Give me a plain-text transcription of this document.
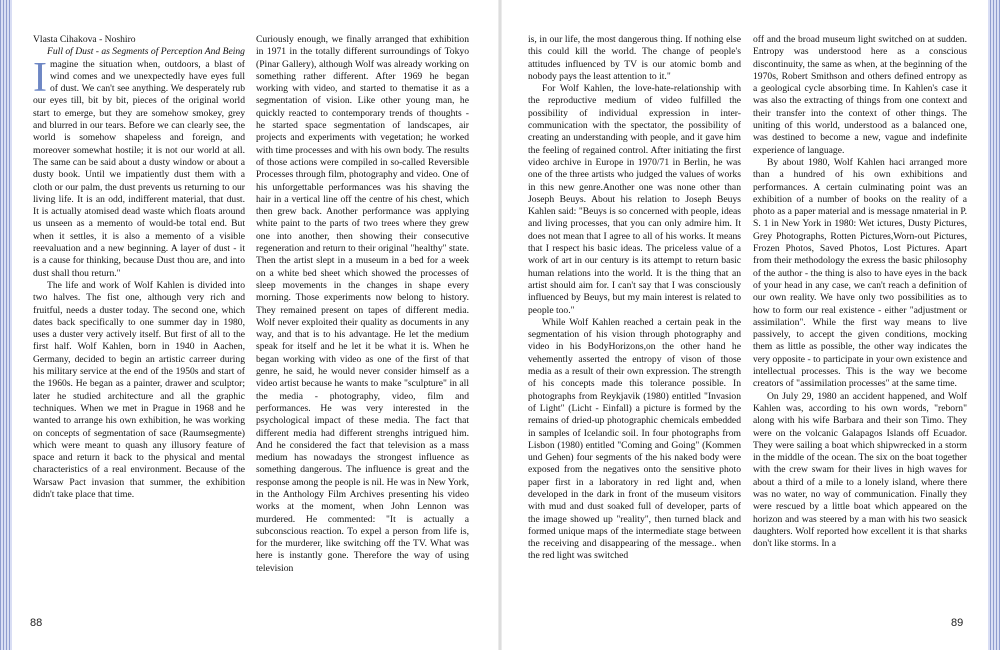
Vlasta Cihakova - Noshiro

Full of Dust - as Segments of Perception And Being

Imagine the situation when, outdoors, a blast of wind comes and we unexpectedly have eyes full of dust. We can't see anything. We desperately rub our eyes till, bit by bit, pieces of the original world start to emerge, but they are somehow smokey, grey and blurred in our tears. Before we can clearly see, the world is somehow shapeless and foreign, and moreover somewhat hostile; it is not our world at all. The same can be said about a dusty window or about a dusty book. Until we impatiently dust them with a cloth or our palm, the dust prevents us returning to our living life. It is an odd, indifferent material, that dust. It is actually atomised dead waste which floats around us unseen as a memento of would-be total end. But when it settles, it is also a memento of a visible reevaluation and a new beginning. A layer of dust - it is a cause for thinking, because Dust thou are, and into dust shall thou return."

The life and work of Wolf Kahlen is divided into two halves. The fist one, although very rich and fruitful, needs a duster today. The second one, which dates back specifically to one summer day in 1980, uses a duster very actively itself. But first of all to the first half. Wolf Kahlen, born in 1940 in Aachen, Germany, decided to begin an artistic carreer during his military service at the end of the 1950s and start of the 1960s. He began as a painter, drawer and sculptor; later he studied architecture and all the graphic techniques. When we met in Prague in 1968 and he wanted to arrange his own exhibition, he was working on concepts of segmentation of sace (Raumsegmente) which were meant to quash any illusory feature of space and return it back to the physical and mental characteristics of a real environment. Because of the Warsaw Pact invasion that summer, the exhibition didn't take place that time.

Curiously enough, we finally arranged that exhibition in 1971 in the totally different surroundings of Tokyo (Pinar Gallery), although Wolf was already working on something rather different. After 1969 he began working with video, and started to thematise it as a segmentation of vision. Like other young man, he quickly reacted to contemporary trends of thoughts - he started space segmentation of landscapes, air projects and experiments with vegetation; he worked with time processes and with his own body. The results of those actions were compiled in so-called Reversible Processes through film, photography and video. One of his unforgettable performances was his shaving the hair in a vertical line off the centre of his chest, which then grew back. Another performance was applying white paint to the parts of two trees where they grew one into another, then showing their consecutive regeneration and return to their original "healthy" state. Then the artist slept in a museum in a bed for a week on a white bed sheet which showed the processes of sleep movements in the changes in shape every morning. Those experiments now belong to history. They remained present on tapes of different media. Wolf never exploited their quality as documents in any way, and that is to his advantage. He let the medium speak for itself and he let it be what it is. When he began working with video as one of the first of that genre, he said, he would never consider himself as a video artist because he wants to make "sculpture" in all the media - photography, video, film and performances. He was very interested in the psychological impact of these media. The fact that different media had different strenghs intrigued him. And he considered the fact that television as a mass medium has nowadays the strongest influence as something dangerous. The influence is great and the response among the people is nil. He was in New York, in the Anthology Film Archives presenting his video works at the moment, when John Lennon was murdered. He commented: "It is actually a subconscious reaction. To expel a person from life is, for the murderer, like switching off the TV. What was here is instantly gone. Therefore the way of using television

is, in our life, the most dangerous thing. If nothing else this could kill the world. The change of people's attitudes influenced by TV is our atomic bomb and nobody pays the least attention to it."

For Wolf Kahlen, the love-hate-relationship with the reproductive medium of video fulfilled the possibility of individual expression in inter-communication with the spectator, the possibility of creating an understanding with people, and it gave him the feeling of regained control. After initiating the first video archive in Europe in 1970/71 in Berlin, he was one of the three artists who judged the values of works in this new genre.Another one was none other than Joseph Beuys. About his relation to Joseph Beuys Kahlen said: "Beuys is so concerned with people, ideas and living processes, that you can only admire him. It does not mean that I agree to all of his works. It means that I respect his basic ideas. The priceless value of a work of art in our century is its attempt to return basic human relations into the world. It is the thing that an artist should aim for. I can't say that I was consciously influenced by Beuys, but my main interest is related to people too."

While Wolf Kahlen reached a certain peak in the segmentation of his vision through photography and video in his BodyHorizons,on the other hand he vehemently asserted the entropy of vison of those media as a result of their own expression. The strength of his concepts made this tolerance possible. In photographs from Reykjavik (1980) entitled "Invasion of Light" (Licht - Einfall) a picture is formed by the remains of dried-up photographic chemicals embedded in samples of Icelandic soil. In four photographs from Lisbon (1980) entitled "Coming and Going" (Kommen und Gehen) four segments of the his naked body were exposed from the negatives onto the sensitive photo paper first in a laboratory in red light and, when developed in the dark in front of the museum visitors with mud and dust soaked full of developer, parts of the image showed up "reality", then turned black and formed unique maps of the intermediate stage between the receiving and disappearing of the message.. when the red light was switched

off and the broad museum light switched on at sudden. Entropy was understood here as a conscious discontinuity, the same as when, at the beginning of the 1970s, Robert Smithson and others defined entropy as a geological cycle absorbing time. In Kahlen's case it was also the extracting of things from one context and their transfer into the context of other things. The uniting of this world, understood as a balanced one, was destined to become a new, vague and indefinite experience of language.

By about 1980, Wolf Kahlen haci arranged more than a hundred of his own exhibitions and performances. A certain culminating point was an exhibition of a number of books on the reality of a photo as a paper material and is message nmaterial in P. S. 1 in New York in 1980: Wet ictures, Dusty Pictures, Grey Photographs, Rotten Pictures,Worn-out Pictures, Frozen Photos, Saved Photos, Lost Pictures. Apart from their methodology the exress the basic philosophy of the author - the thing is also to have eyes in the back of your head in any case, we can't reach a definition of our own reality. We have only two possibilities as to how to form our real existence - either "adjustment or assimilation". While the first way means to live passively, to accept the given conditions, mocking them as little as possible, the other way indicates the very opposite - to participate in your own existence and intellectual processes. This is the way we become creators of "assimilation processes" at the same time.

On July 29, 1980 an accident happened, and Wolf Kahlen was, according to his own words, "reborn" along with his wife Barbara and their son Timo. They were on the volcanic Galapagos Islands off Ecuador. They were sailing a boat which shipwrecked in a storm in the middle of the ocean. The six on the boat together with the crew swam for their lives in high waves for about a third of a mile to a lonely island, where there was no water, no way of communication. Finally they were rescued by a little boat which appeared on the horizon and was steered by a man with his two seasick daughters. Wolf reported how excellent it is that sharks don't like storms. In a

88	89
